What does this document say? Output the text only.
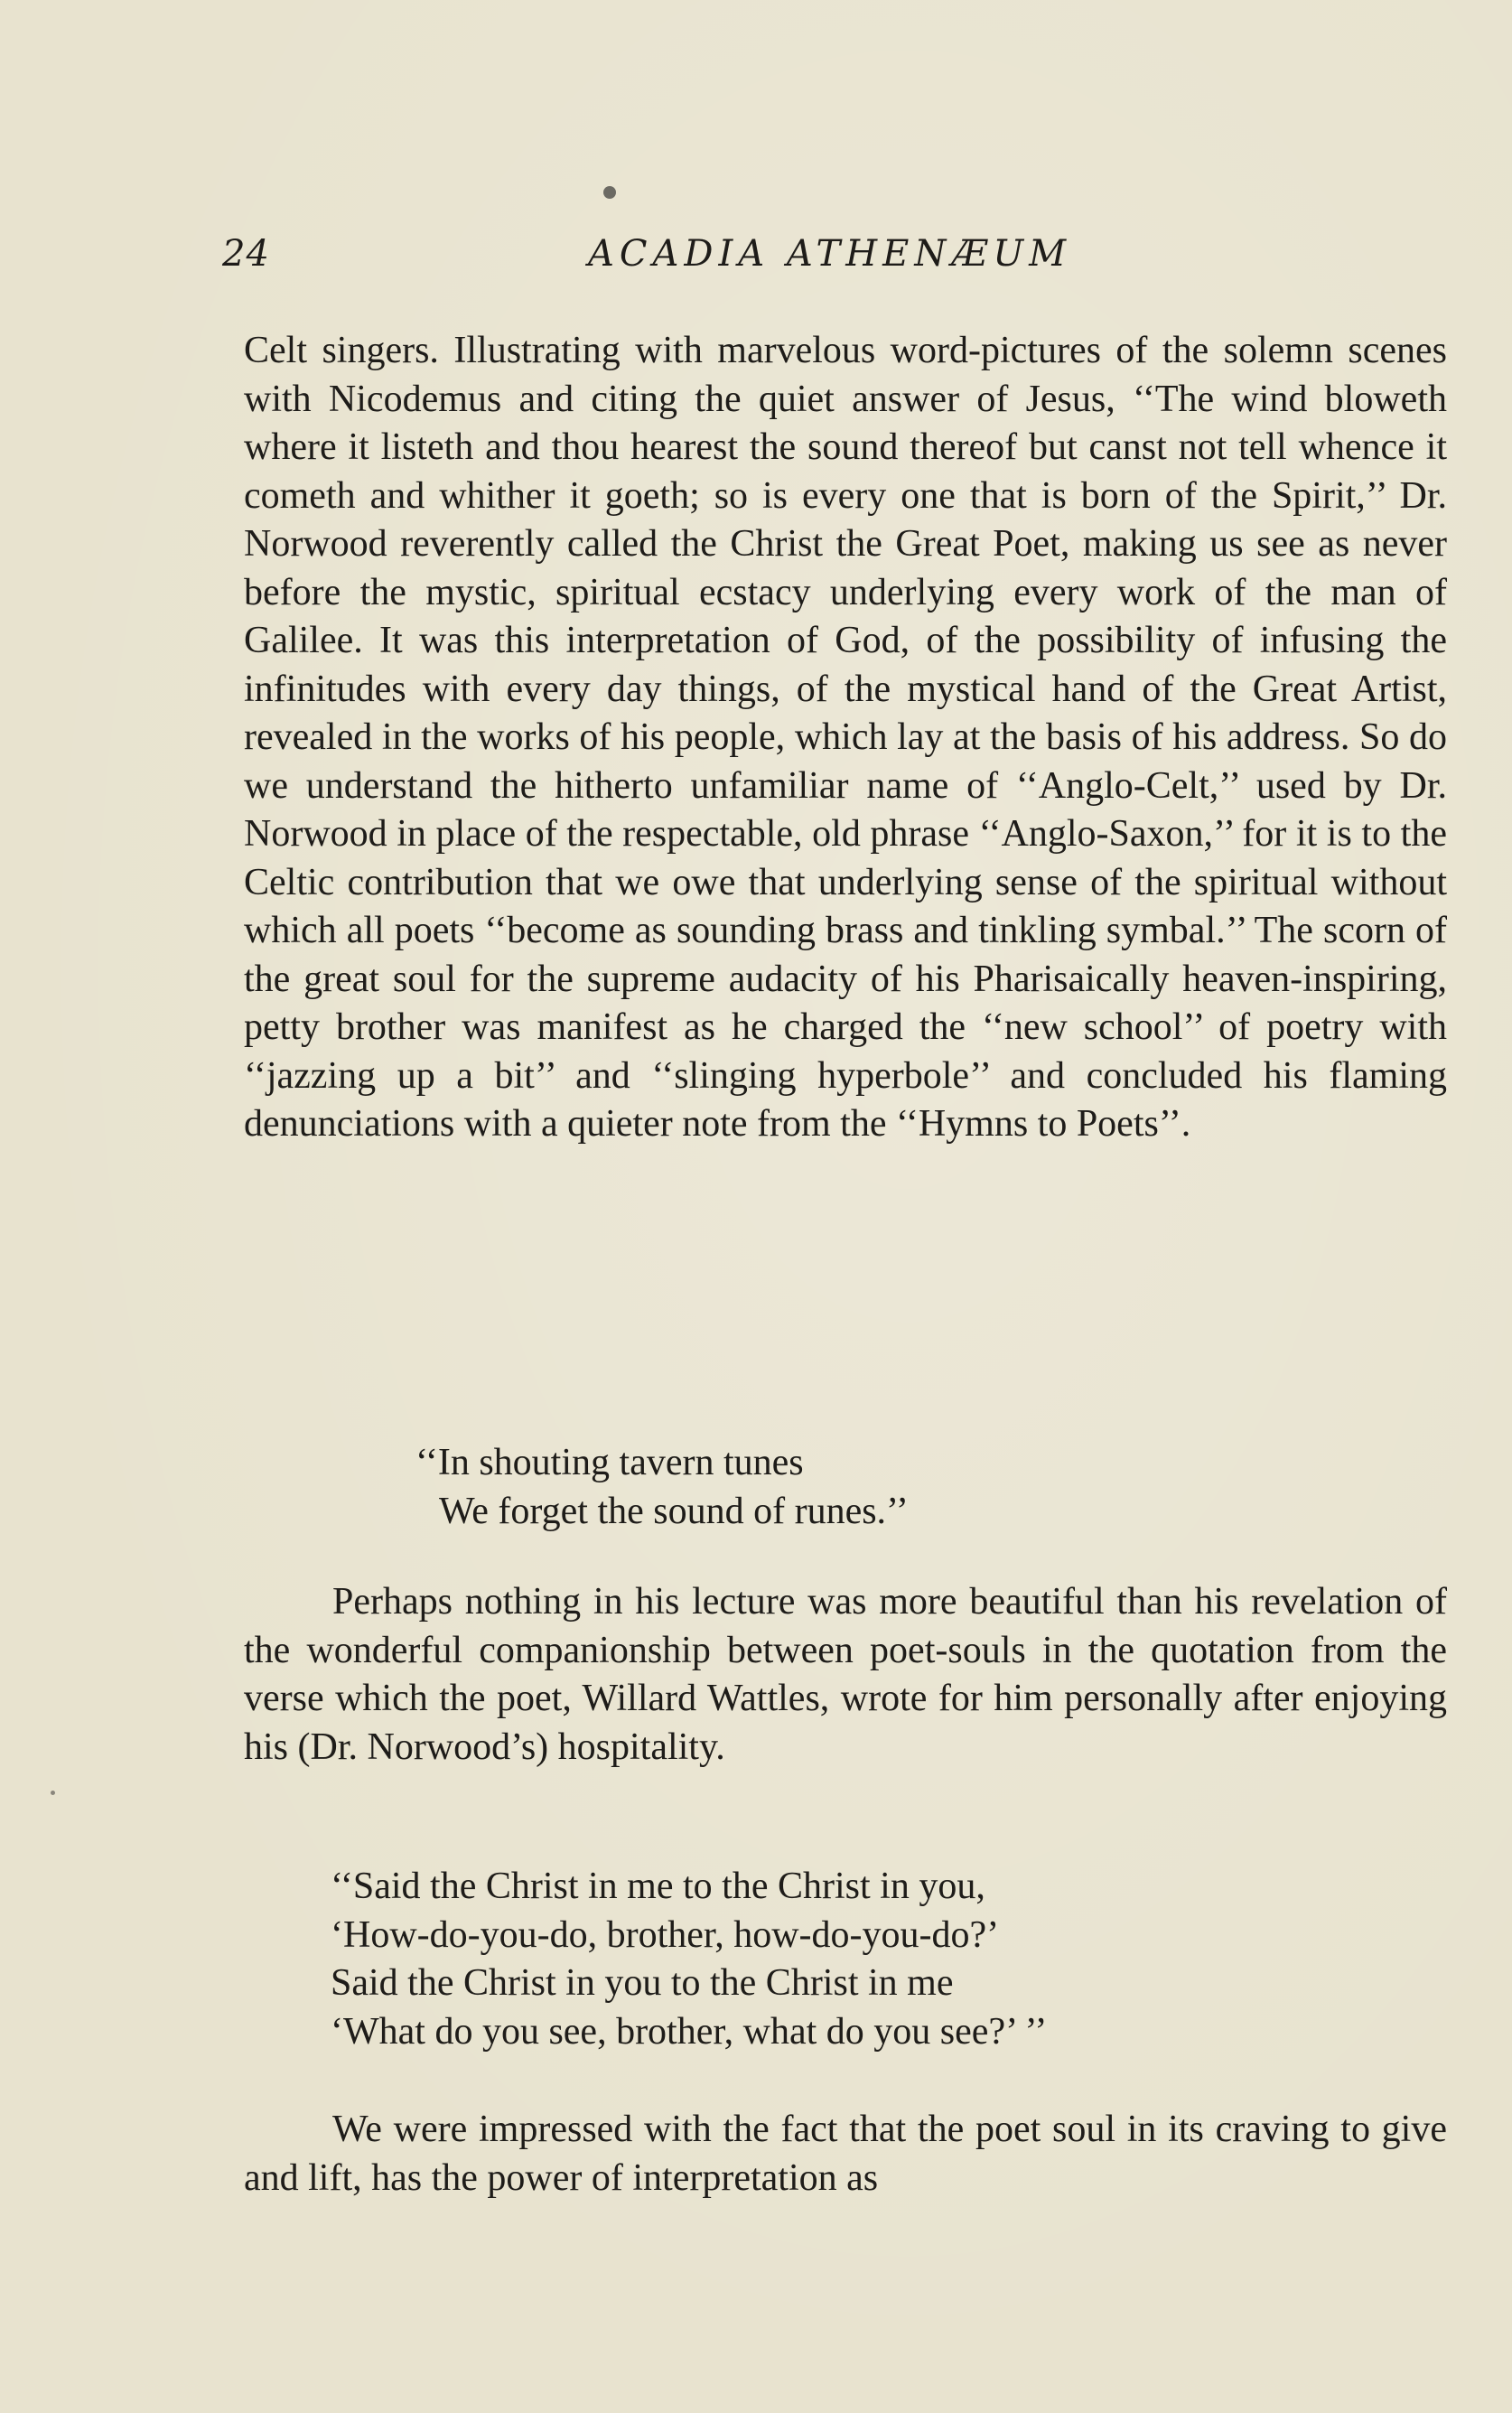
24	ACADIA ATHENÆUM

Celt singers. Illustrating with marvelous word-pictures of the solemn scenes with Nicodemus and citing the quiet answer of Jesus, ‘‘The wind bloweth where it listeth and thou hearest the sound thereof but canst not tell whence it cometh and whither it goeth; so is every one that is born of the Spirit,’’ Dr. Norwood reverently called the Christ the Great Poet, making us see as never before the mystic, spiritual ecstacy underlying every work of the man of Galilee. It was this interpretation of God, of the possibility of infusing the infinitudes with every day things, of the mystical hand of the Great Artist, revealed in the works of his people, which lay at the basis of his address. So do we understand the hitherto unfamiliar name of ‘‘Anglo-Celt,’’ used by Dr. Norwood in place of the respectable, old phrase ‘‘Anglo-Saxon,’’ for it is to the Celtic contribution that we owe that underlying sense of the spiritual without which all poets ‘‘become as sounding brass and tinkling symbal.’’ The scorn of the great soul for the supreme audacity of his Pharisaically heaven-inspiring, petty brother was manifest as he charged the ‘‘new school’’ of poetry with ‘‘jazzing up a bit’’ and ‘‘slinging hyperbole’’ and concluded his flaming denunciations with a quieter note from the ‘‘Hymns to Poets’’.

‘‘In shouting tavern tunes
We forget the sound of runes.’’

Perhaps nothing in his lecture was more beautiful than his revelation of the wonderful companionship between poet-souls in the quotation from the verse which the poet, Willard Wattles, wrote for him personally after enjoying his (Dr. Norwood’s) hospitality.

‘‘Said the Christ in me to the Christ in you,
‘How-do-you-do, brother, how-do-you-do?’
Said the Christ in you to the Christ in me
‘What do you see, brother, what do you see?’ ’’

We were impressed with the fact that the poet soul in its craving to give and lift, has the power of interpretation as
